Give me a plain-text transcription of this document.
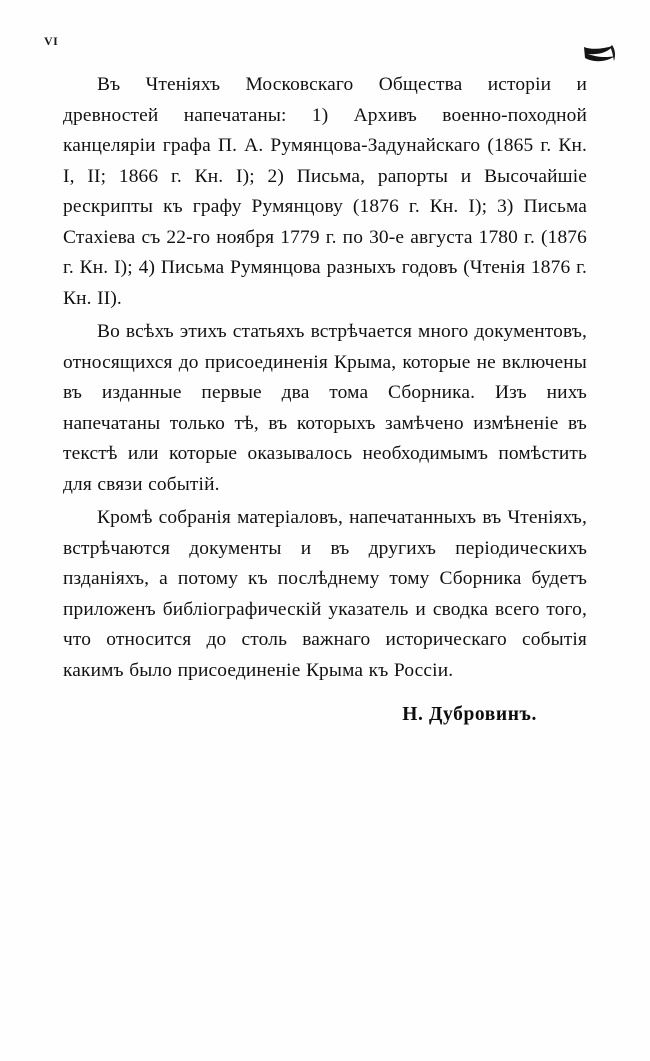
VI

Въ Чтеніяхъ Московскаго Общества исторіи и древностей напечатаны: 1) Архивъ военно-походной канцеляріи графа П. А. Румянцова-Задунайскаго (1865 г. Кн. I, II; 1866 г. Кн. I); 2) Письма, рапорты и Высочайшіе рескрипты къ графу Румянцову (1876 г. Кн. I); 3) Письма Стахіева съ 22-го ноября 1779 г. по 30-е августа 1780 г. (1876 г. Кн. I); 4) Письма Румянцова разныхъ годовъ (Чтенія 1876 г. Кн. II).

Во всѣхъ этихъ статьяхъ встрѣчается много документовъ, относящихся до присоединенія Крыма, которые не включены въ изданные первые два тома Сборника. Изъ нихъ напечатаны только тѣ, въ которыхъ замѣчено измѣненіе въ текстѣ или которые оказывалось необходимымъ помѣстить для связи событій.

Кромѣ собранія матеріаловъ, напечатанныхъ въ Чтеніяхъ, встрѣчаются документы и въ другихъ періодическихъ пзданіяхъ, а потому къ послѣднему тому Сборника будетъ приложенъ библіографическій указатель и сводка всего того, что относится до столь важнаго историческаго событія какимъ было присоединеніе Крыма къ Россіи.

Н. Дубровинъ.
